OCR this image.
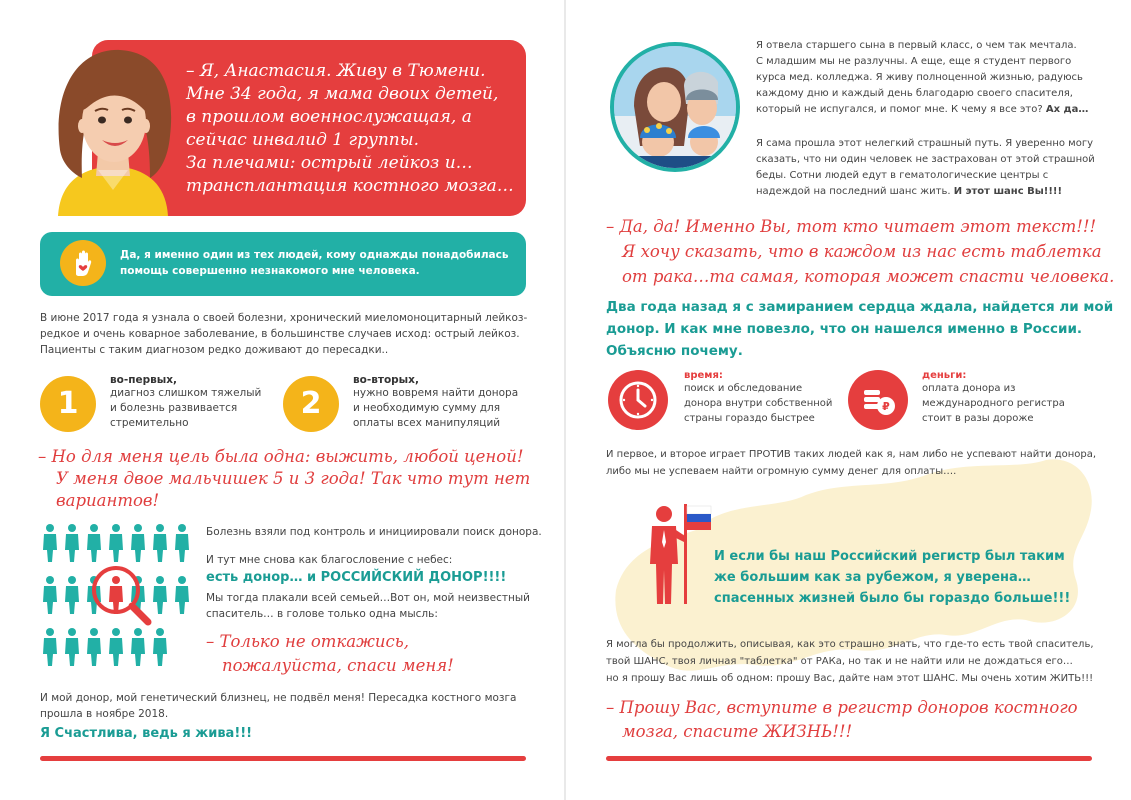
– Я, Анастасия. Живу в Тюмени.
Мне 34 года, я мама двоих детей,
в прошлом военнослужащая, а
сейчас инвалид 1 группы.
За плечами: острый лейкоз и…
трансплантация костного мозга…
Да, я именно один из тех людей, кому однажды понадобилась
помощь совершенно незнакомого мне человека.
В июне 2017 года я узнала о своей болезни, хронический миеломоноцитарный лейкоз-
редкое и очень коварное заболевание, в большинстве случаев исход: острый лейкоз.
Пациенты с таким диагнозом редко доживают до пересадки..
1
во-первых,
диагноз слишком тяжелый
и болезнь развивается
стремительно
2
во-вторых,
нужно вовремя найти донора
и необходимую сумму для
оплаты всех манипуляций
– Но для меня цель была одна: выжить, любой ценой!
У меня двое мальчишек 5 и 3 года! Так что тут нет
вариантов!
Болезнь взяли под контроль и инициировали поиск донора.
И тут мне снова как благословение с небес:
есть донор… и РОССИЙСКИЙ ДОНОР!!!!
Мы тогда плакали всей семьей…Вот он, мой неизвестный
спаситель… в голове только одна мысль:
– Только не откажись,
пожалуйста, спаси меня!
И мой донор, мой генетический близнец, не подвёл меня! Пересадка костного мозга
прошла в ноябре 2018.
Я Счастлива, ведь я жива!!!
Я отвела старшего сына в первый класс, о чем так мечтала.
С младшим мы не разлучны. А еще, еще я студент первого
курса мед. колледжа. Я живу полноценной жизнью, радуюсь
каждому дню и каждый день благодарю своего спасителя,
который не испугался, и помог мне. К чему я все это? Ах да…
Я сама прошла этот нелегкий страшный путь. Я уверенно могу
сказать, что ни один человек не застрахован от этой страшной
беды. Сотни людей едут в гематологические центры с
надеждой на последний шанс жить. И этот шанс Вы!!!!
– Да, да! Именно Вы, тот кто читает этот текст!!!
Я хочу сказать, что в каждом из нас есть таблетка
от рака…та самая, которая может спасти человека.
Два года назад я с замиранием сердца ждала, найдется ли мой
донор. И как мне повезло, что он нашелся именно в России.
Объясню почему.
время:
поиск и обследование
донора внутри собственной
страны гораздо быстрее
₽
деньги:
оплата донора из
международного регистра
стоит в разы дороже
И первое, и второе играет ПРОТИВ таких людей как я, нам либо не успевают найти донора,
либо мы не успеваем найти огромную сумму денег для оплаты….
И если бы наш Российский регистр был таким
же большим как за рубежом, я уверена…
спасенных жизней было бы гораздо больше!!!
Я могла бы продолжить, описывая, как это страшно знать, что где-то есть твой спаситель,
твой ШАНС, твоя личная "таблетка" от РАКа, но так и не найти или не дождаться его…
но я прошу Вас лишь об одном: прошу Вас, дайте нам этот ШАНС. Мы очень хотим ЖИТЬ!!!
– Прошу Вас, вступите в регистр доноров костного
мозга, спасите ЖИЗНЬ!!!
